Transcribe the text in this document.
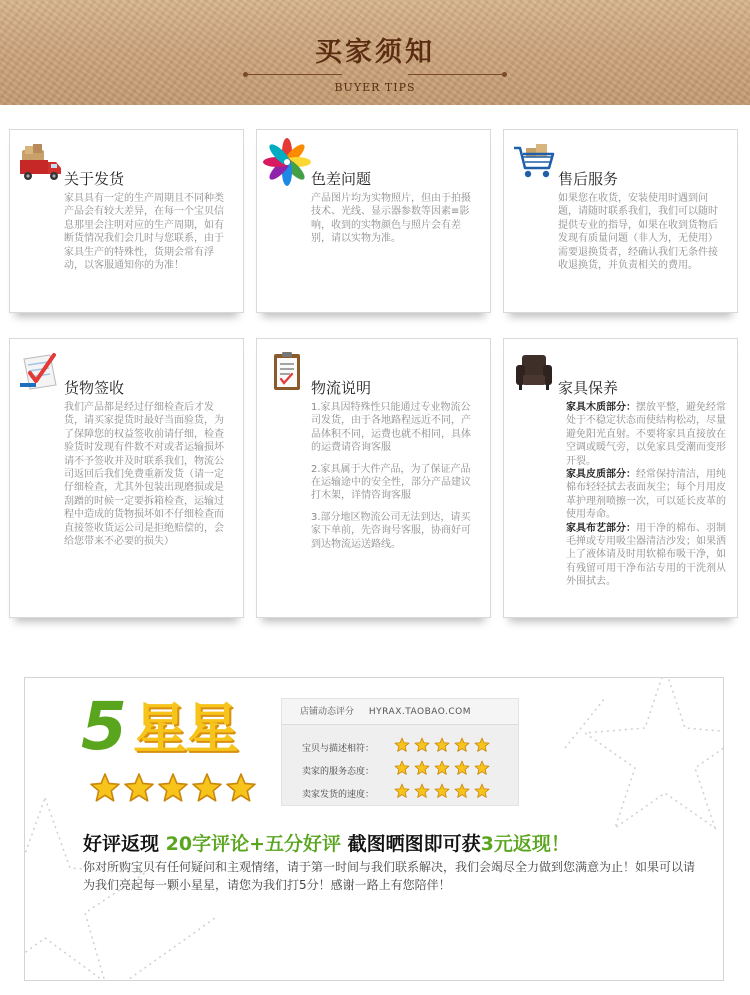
买家须知
BUYER TIPS
关于发货

家具具有一定的生产周期且不同种类产品会有较大差异，在每一个宝贝信息那里会注明对应的生产周期，如有断货情况我们会几时与您联系，由于家具生产的特殊性，货期会常有浮动，以客服通知你的为准！

色差问题

产品图片均为实物照片，但由于拍摄技术、光线、显示器参数等因素≡影响，收到的实物颜色与照片会有差别，请以实物为准。

售后服务

如果您在收货，安装使用时遇到问题，请随时联系我们，我们可以随时提供专业的指导，如果在收到货物后发现有质量问题（非人为，无使用）需要退换货者，经确认我们无条件接收退换货，并负责相关的费用。

货物签收

我们产品都是经过仔细检查后才发货，请买家提货时最好当面验货，为了保障您的权益签收前请仔细，检查验货时发现有件数不对或者运输损坏请不予签收并及时联系我们，物流公司返回后我们免费重新发货（请一定仔细检查，尤其外包装出现磨损或是刮蹭的时候一定要拆箱检查，运输过程中造成的货物损坏如不仔细检查而直接签收货运公司是拒绝赔偿的，会给您带来不必要的损失）

物流说明

1.家具因特殊性只能通过专业物流公司发货，由于各地路程远近不同，产品体积不同，运费也就不相同，具体的运费请咨询客服

2.家具属于大件产品，为了保证产品在运输途中的安全性，部分产品建议打木架，详情咨询客服

3.部分地区物流公司无法到达，请买家下单前，先咨询号客服，协商好可到达物流运送路线。

家具保养
家具木质部分：摆放平整，避免经常处于不稳定状态而使结构松动，尽量避免阳光直射。不要将家具直接放在空调或暖气旁，以免家具受潮而变形开裂。
家具皮质部分：经常保持清洁，用纯棉布轻轻拭去表面灰尘；每个月用皮革护理剂喷擦一次，可以延长皮革的使用寿命。
家具布艺部分：用干净的棉布、羽制毛掸或专用吸尘器清洁沙发；如果洒上了液体请及时用软棉布吸干净，如有残留可用干净布沾专用的干洗剂从外围拭去。
5 星星	店铺动态评分 HYRAX.TAOBAO.COM
宝贝与描述相符：
卖家的服务态度：
卖家发货的速度：
好评返现 20字评论+五分好评 截图晒图即可获3元返现！
你对所购宝贝有任何疑问和主观情绪，请于第一时间与我们联系解决，我们会竭尽全力做到您满意为止！如果可以请为我们亮起每一颗小星星，请您为我们打5分！感谢一路上有您陪伴！
